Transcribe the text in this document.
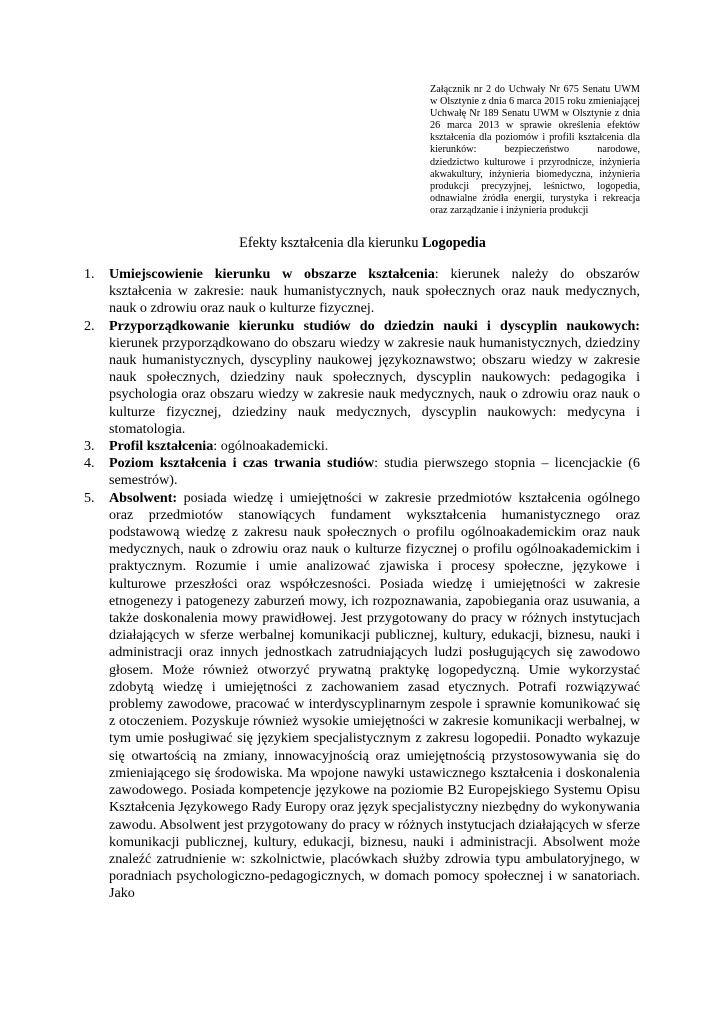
Załącznik nr 2 do Uchwały Nr 675 Senatu UWM w Olsztynie z dnia 6 marca 2015 roku zmieniającej Uchwałę Nr 189 Senatu UWM w Olsztynie z dnia 26 marca 2013 w sprawie określenia efektów kształcenia dla poziomów i profili kształcenia dla kierunków: bezpieczeństwo narodowe, dziedzictwo kulturowe i przyrodnicze, inżynieria akwakultury, inżynieria biomedyczna, inżynieria produkcji precyzyjnej, leśnictwo, logopedia, odnawialne źródła energii, turystyka i rekreacja oraz zarządzanie i inżynieria produkcji
Efekty kształcenia dla kierunku Logopedia
1. Umiejscowienie kierunku w obszarze kształcenia: kierunek należy do obszarów kształcenia w zakresie: nauk humanistycznych, nauk społecznych oraz nauk medycznych, nauk o zdrowiu oraz nauk o kulturze fizycznej.
2. Przyporządkowanie kierunku studiów do dziedzin nauki i dyscyplin naukowych: kierunek przyporządkowano do obszaru wiedzy w zakresie nauk humanistycznych, dziedziny nauk humanistycznych, dyscypliny naukowej językoznawstwo; obszaru wiedzy w zakresie nauk społecznych, dziedziny nauk społecznych, dyscyplin naukowych: pedagogika i psychologia oraz obszaru wiedzy w zakresie nauk medycznych, nauk o zdrowiu oraz nauk o kulturze fizycznej, dziedziny nauk medycznych, dyscyplin naukowych: medycyna i stomatologia.
3. Profil kształcenia: ogólnoakademicki.
4. Poziom kształcenia i czas trwania studiów: studia pierwszego stopnia – licencjackie (6 semestrów).
5. Absolwent: posiada wiedzę i umiejętności w zakresie przedmiotów kształcenia ogólnego oraz przedmiotów stanowiących fundament wykształcenia humanistycznego oraz podstawową wiedzę z zakresu nauk społecznych o profilu ogólnoakademickim oraz nauk medycznych, nauk o zdrowiu oraz nauk o kulturze fizycznej o profilu ogólnoakademickim i praktycznym. Rozumie i umie analizować zjawiska i procesy społeczne, językowe i kulturowe przeszłości oraz współczesności. Posiada wiedzę i umiejętności w zakresie etnogenezy i patogenezy zaburzeń mowy, ich rozpoznawania, zapobiegania oraz usuwania, a także doskonalenia mowy prawidłowej. Jest przygotowany do pracy w różnych instytucjach działających w sferze werbalnej komunikacji publicznej, kultury, edukacji, biznesu, nauki i administracji oraz innych jednostkach zatrudniających ludzi posługujących się zawodowo głosem. Może również otworzyć prywatną praktykę logopedyczną. Umie wykorzystać zdobytą wiedzę i umiejętności z zachowaniem zasad etycznych. Potrafi rozwiązywać problemy zawodowe, pracować w interdyscyplinarnym zespole i sprawnie komunikować się z otoczeniem. Pozyskuje również wysokie umiejętności w zakresie komunikacji werbalnej, w tym umie posługiwać się językiem specjalistycznym z zakresu logopedii. Ponadto wykazuje się otwartością na zmiany, innowacyjnością oraz umiejętnością przystosowywania się do zmieniającego się środowiska. Ma wpojone nawyki ustawicznego kształcenia i doskonalenia zawodowego. Posiada kompetencje językowe na poziomie B2 Europejskiego Systemu Opisu Kształcenia Językowego Rady Europy oraz język specjalistyczny niezbędny do wykonywania zawodu. Absolwent jest przygotowany do pracy w różnych instytucjach działających w sferze komunikacji publicznej, kultury, edukacji, biznesu, nauki i administracji. Absolwent może znaleźć zatrudnienie w: szkolnictwie, placówkach służby zdrowia typu ambulatoryjnego, w poradniach psychologiczno-pedagogicznych, w domach pomocy społecznej i w sanatoriach. Jako
